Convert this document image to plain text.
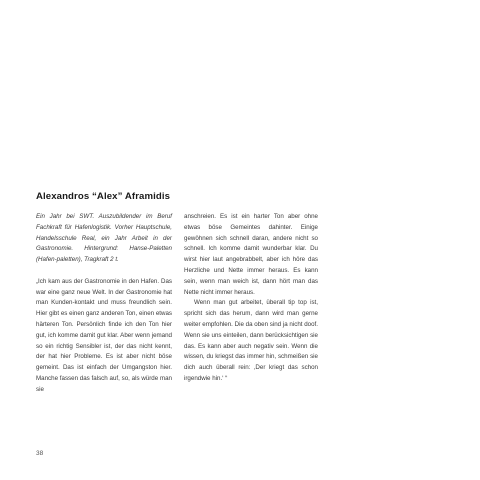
Alexandros “Alex” Aframidis

Ein Jahr bei SWT. Auszubildender im Beruf Fachkraft für Hafenlogistik. Vorher Hauptschule, Handelsschule Real, ein Jahr Arbeit in der Gastronomie. Hintergrund: Hanse-Paletten (Hafen-paletten), Tragkraft 2 t.

„Ich kam aus der Gastronomie in den Hafen. Das war eine ganz neue Welt. In der Gastronomie hat man Kunden-kontakt und muss freundlich sein. Hier gibt es einen ganz anderen Ton, einen etwas härteren Ton. Persönlich finde ich den Ton hier gut, ich komme damit gut klar. Aber wenn jemand so ein richtig Sensibler ist, der das nicht kennt, der hat hier Probleme. Es ist aber nicht böse gemeint. Das ist einfach der Umgangston hier. Manche fassen das falsch auf, so, als würde man sie

anschreien. Es ist ein harter Ton aber ohne etwas böse Gemeintes dahinter. Einige gewöhnen sich schnell daran, andere nicht so schnell. Ich komme damit wunderbar klar. Du wirst hier laut angebrabbelt, aber ich höre das Herzliche und Nette immer heraus. Es kann sein, wenn man weich ist, dann hört man das Nette nicht immer heraus.

Wenn man gut arbeitet, überall tip top ist, spricht sich das herum, dann wird man gerne weiter empfohlen. Die da oben sind ja nicht doof. Wenn sie uns einteilen, dann berücksichtigen sie das. Es kann aber auch negativ sein. Wenn die wissen, du kriegst das immer hin, schmeißen sie dich auch überall rein: ‚Der kriegt das schon irgendwie hin.‘ “

38
